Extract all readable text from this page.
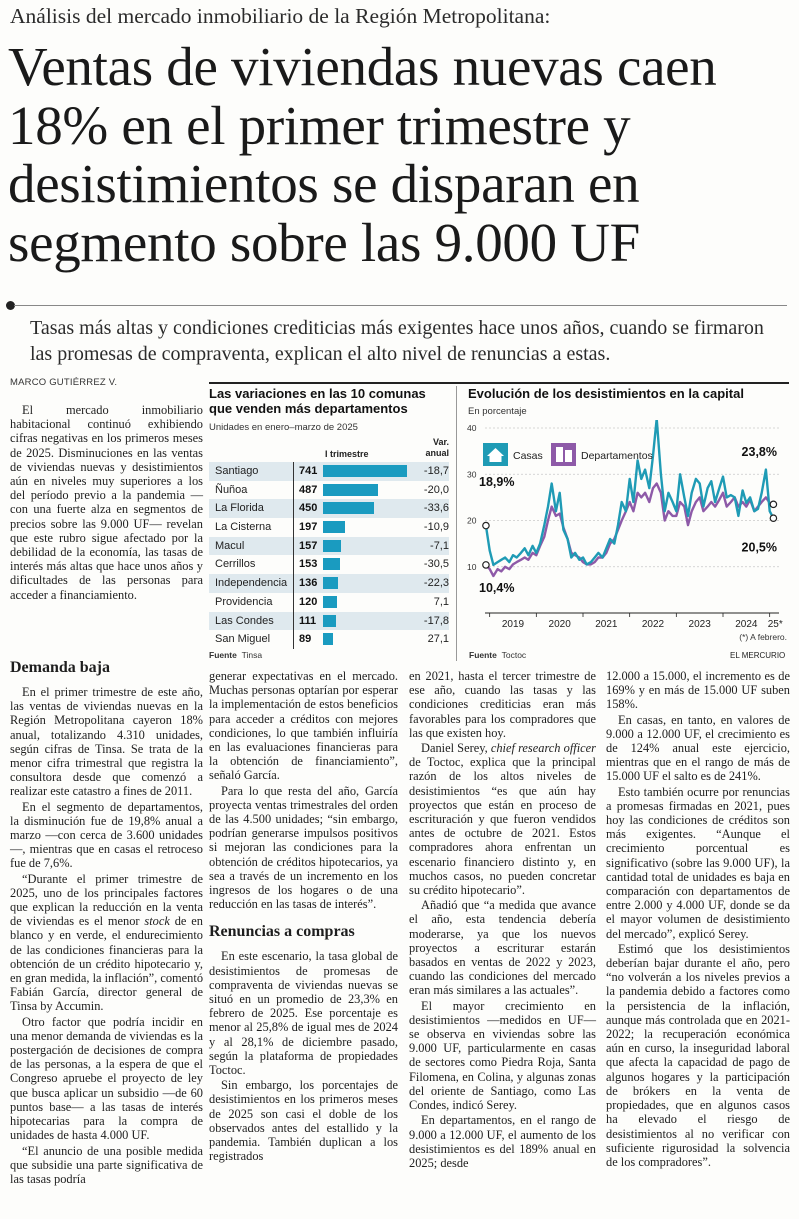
Análisis del mercado inmobiliario de la Región Metropolitana:
Ventas de viviendas nuevas caen 18% en el primer trimestre y desistimientos se disparan en segmento sobre las 9.000 UF
Tasas más altas y condiciones crediticias más exigentes hace unos años, cuando se firmaron las promesas de compraventa, explican el alto nivel de renuncias a estas.
MARCO GUTIÉRREZ V.

El mercado inmobiliario habitacional continuó exhibiendo cifras negativas en los primeros meses de 2025. Disminuciones en las ventas de viviendas nuevas y desistimientos aún en niveles muy superiores a los del período previo a la pandemia —con una fuerte alza en segmentos de precios sobre las 9.000 UF— revelan que este rubro sigue afectado por la debilidad de la economía, las tasas de interés más altas que hace unos años y dificultades de las personas para acceder a financiamiento.

Demanda baja

En el primer trimestre de este año, las ventas de viviendas nuevas en la Región Metropolitana cayeron 18% anual, totalizando 4.310 unidades, según cifras de Tinsa. Se trata de la menor cifra trimestral que registra la consultora desde que comenzó a realizar este catastro a fines de 2011.

En el segmento de departamentos, la disminución fue de 19,8% anual a marzo —con cerca de 3.600 unidades—, mientras que en casas el retroceso fue de 7,6%.

“Durante el primer trimestre de 2025, uno de los principales factores que explican la reducción en la venta de viviendas es el menor stock de en blanco y en verde, el endurecimiento de las condiciones financieras para la obtención de un crédito hipotecario y, en gran medida, la inflación”, comentó Fabián García, director general de Tinsa by Accumin.

Otro factor que podría incidir en una menor demanda de viviendas es la postergación de decisiones de compra de las personas, a la espera de que el Congreso apruebe el proyecto de ley que busca aplicar un subsidio —de 60 puntos base— a las tasas de interés hipotecarias para la compra de unidades de hasta 4.000 UF.

“El anuncio de una posible medida que subsidie una parte significativa de las tasas podría

generar expectativas en el mercado. Muchas personas optarían por esperar la implementación de estos beneficios para acceder a créditos con mejores condiciones, lo que también influiría en las evaluaciones financieras para la obtención de financiamiento”, señaló García.

Para lo que resta del año, García proyecta ventas trimestrales del orden de las 4.500 unidades; “sin embargo, podrían generarse impulsos positivos si mejoran las condiciones para la obtención de créditos hipotecarios, ya sea a través de un incremento en los ingresos de los hogares o de una reducción en las tasas de interés”.

Renuncias a compras

En este escenario, la tasa global de desistimientos de promesas de compraventa de viviendas nuevas se situó en un promedio de 23,3% en febrero de 2025. Ese porcentaje es menor al 25,8% de igual mes de 2024 y al 28,1% de diciembre pasado, según la plataforma de propiedades Toctoc.

Sin embargo, los porcentajes de desistimientos en los primeros meses de 2025 son casi el doble de los observados antes del estallido y la pandemia. También duplican a los registrados

en 2021, hasta el tercer trimestre de ese año, cuando las tasas y las condiciones crediticias eran más favorables para los compradores que las que existen hoy.

Daniel Serey, chief research officer de Toctoc, explica que la principal razón de los altos niveles de desistimientos “es que aún hay proyectos que están en proceso de escrituración y que fueron vendidos antes de octubre de 2021. Estos compradores ahora enfrentan un escenario financiero distinto y, en muchos casos, no pueden concretar su crédito hipotecario”.

Añadió que “a medida que avance el año, esta tendencia debería moderarse, ya que los nuevos proyectos a escriturar estarán basados en ventas de 2022 y 2023, cuando las condiciones del mercado eran más similares a las actuales”.

El mayor crecimiento en desistimientos —medidos en UF— se observa en viviendas sobre las 9.000 UF, particularmente en casas de sectores como Piedra Roja, Santa Filomena, en Colina, y algunas zonas del oriente de Santiago, como Las Condes, indicó Serey.

En departamentos, en el rango de 9.000 a 12.000 UF, el aumento de los desistimientos es del 189% anual en 2025; desde

12.000 a 15.000, el incremento es de 169% y en más de 15.000 UF suben 158%.

En casas, en tanto, en valores de 9.000 a 12.000 UF, el crecimiento es de 124% anual este ejercicio, mientras que en el rango de más de 15.000 UF el salto es de 241%.

Esto también ocurre por renuncias a promesas firmadas en 2021, pues hoy las condiciones de créditos son más exigentes. “Aunque el crecimiento porcentual es significativo (sobre las 9.000 UF), la cantidad total de unidades es baja en comparación con departamentos de entre 2.000 y 4.000 UF, donde se da el mayor volumen de desistimiento del mercado”, explicó Serey.

Estimó que los desistimientos deberían bajar durante el año, pero “no volverán a los niveles previos a la pandemia debido a factores como la persistencia de la inflación, aunque más controlada que en 2021-2022; la recuperación económica aún en curso, la inseguridad laboral que afecta la capacidad de pago de algunos hogares y la participación de brókers en la venta de propiedades, que en algunos casos ha elevado el riesgo de desistimientos al no verificar con suficiente rigurosidad la solvencia de los compradores”.

Las variaciones en las 10 comunas que venden más departamentos
Unidades en enero–marzo de 2025
I trimestre
Var. anual
Santiago	741	-18,7
Ñuñoa	487	-20,0
La Florida	450	-33,6
La Cisterna	197	-10,9
Macul	157	-7,1
Cerrillos	153	-30,5
Independencia 136	-22,3
Providencia 120	7,1
Las Condes 111	-17,8
San Miguel	89	27,1
Fuente Tinsa
Evolución de los desistimientos en la capital
En porcentaje
10
20
30
40
2019 2020 2021 2022 2023 2024 25*
18,9%
10,4%
23,8%
20,5%
Casas	Departamentos
(*) A febrero.
Fuente Toctoc	EL MERCURIO
